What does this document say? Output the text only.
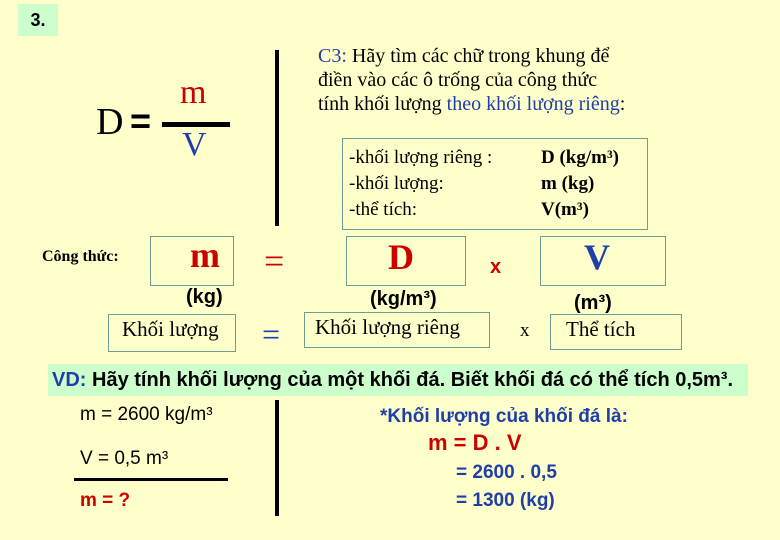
3.
D =
m
V
C3: Hãy tìm các chữ trong khung để
điền vào các ô trống của công thức
tính khối lượng theo khối lượng riêng:
-khối lượng riêng :	D (kg/m³)
-khối lượng:	m (kg)
-thể tích:	V(m³)
Công thức: m =	D	x V
(kg)	(kg/m³)	(m³)
Khối lượng = Khối lượng riêng	x Thể tích
VD: Hãy tính khối lượng của một khối đá. Biết khối đá có thể tích 0,5m³.
m = 2600 kg/m³
V = 0,5 m³
m = ?
*Khối lượng của khối đá là:
m = D . V
= 2600 . 0,5
= 1300 (kg)
